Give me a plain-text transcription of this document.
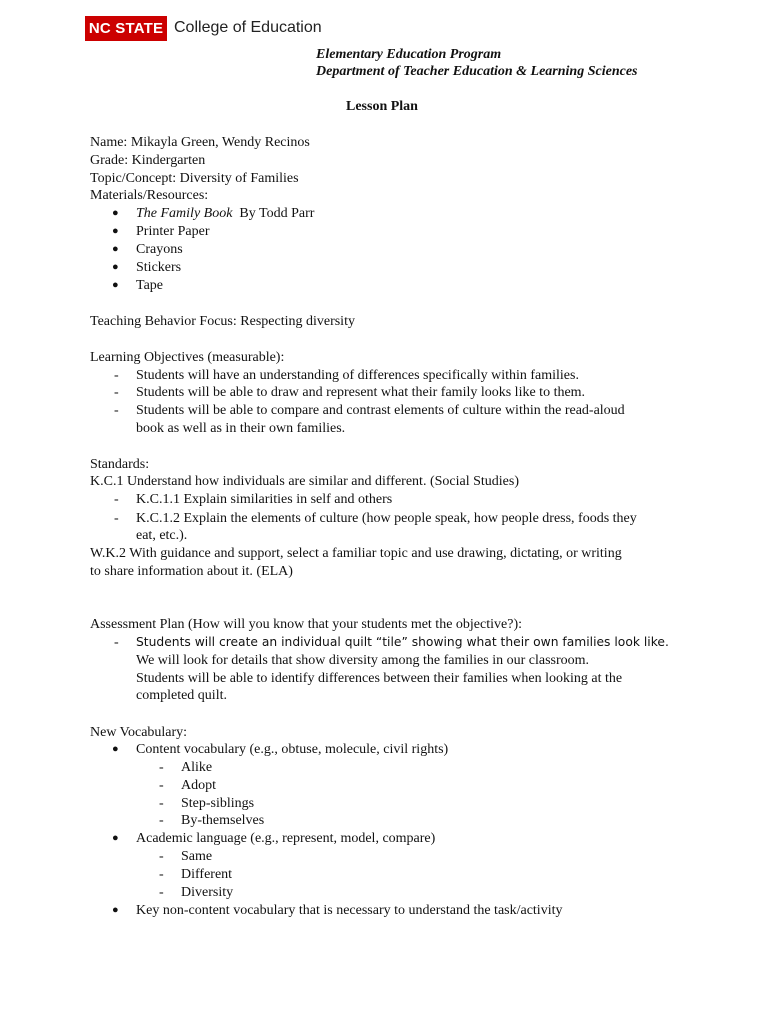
NC STATE College of Education
Elementary Education Program
Department of Teacher Education & Learning Sciences
Lesson Plan
Name: Mikayla Green, Wendy Recinos
Grade: Kindergarten
Topic/Concept: Diversity of Families
Materials/Resources:
● The Family Book By Todd Parr
● Printer Paper
● Crayons
● Stickers
● Tape
Teaching Behavior Focus: Respecting diversity
Learning Objectives (measurable):
- Students will have an understanding of differences specifically within families.
- Students will be able to draw and represent what their family looks like to them.
- Students will be able to compare and contrast elements of culture within the read-aloud
book as well as in their own families.
Standards:
K.C.1 Understand how individuals are similar and different. (Social Studies)
- K.C.1.1 Explain similarities in self and others
- K.C.1.2 Explain the elements of culture (how people speak, how people dress, foods they
eat, etc.).
W.K.2 With guidance and support, select a familiar topic and use drawing, dictating, or writing
to share information about it. (ELA)
Assessment Plan (How will you know that your students met the objective?):
- Students will create an individual quilt “tile” showing what their own families look like.
We will look for details that show diversity among the families in our classroom.
Students will be able to identify differences between their families when looking at the
completed quilt.
New Vocabulary:
● Content vocabulary (e.g., obtuse, molecule, civil rights)
- Alike
- Adopt
- Step-siblings
- By-themselves
● Academic language (e.g., represent, model, compare)
- Same
- Different
- Diversity
● Key non-content vocabulary that is necessary to understand the task/activity
